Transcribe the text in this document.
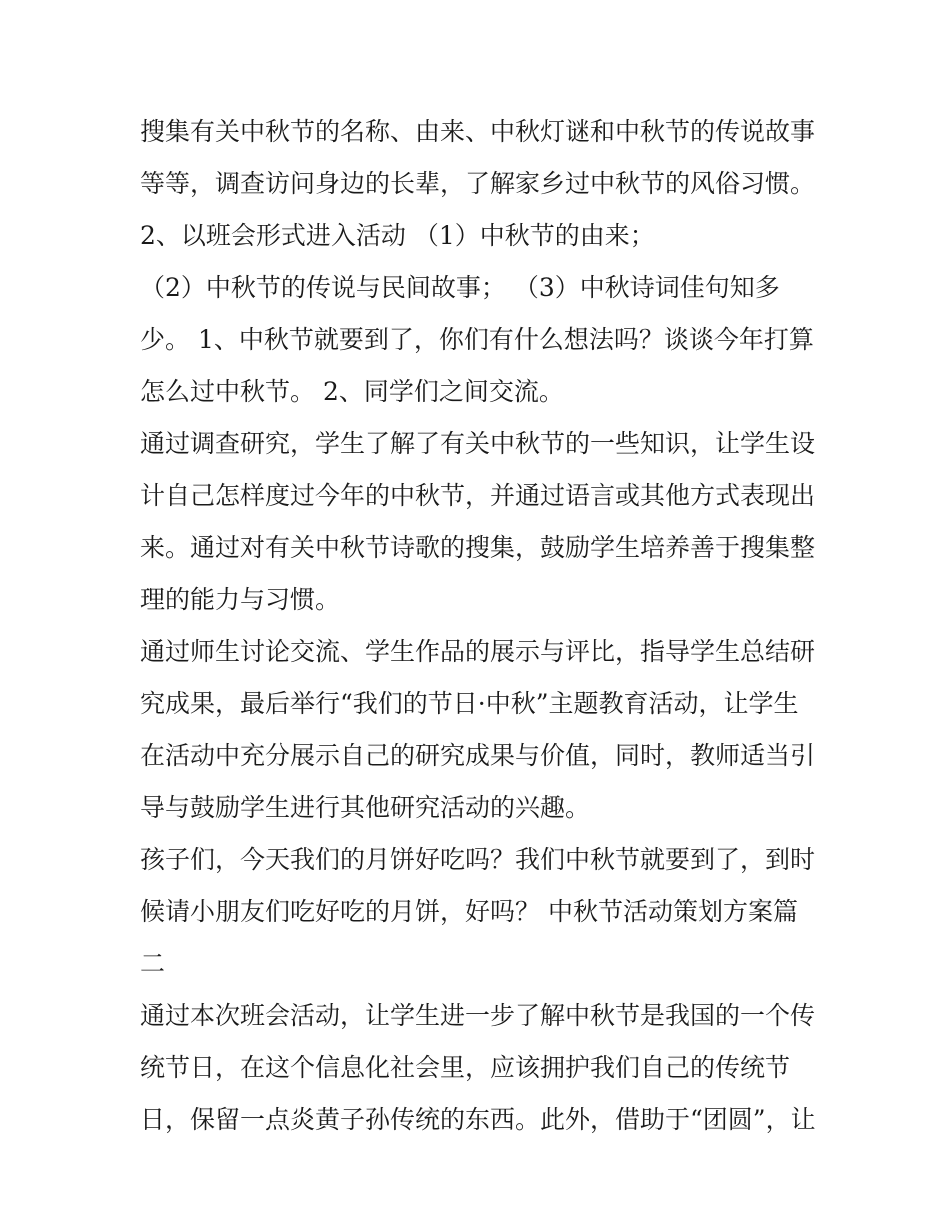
搜集有关中秋节的名称、由来、中秋灯谜和中秋节的传说故事
等等，调查访问身边的长辈，了解家乡过中秋节的风俗习惯。
2、以班会形式进入活动 （1）中秋节的由来；
（2）中秋节的传说与民间故事； （3）中秋诗词佳句知多
少。 1、中秋节就要到了，你们有什么想法吗？谈谈今年打算
怎么过中秋节。 2、同学们之间交流。
通过调查研究，学生了解了有关中秋节的一些知识，让学生设
计自己怎样度过今年的中秋节，并通过语言或其他方式表现出
来。通过对有关中秋节诗歌的搜集，鼓励学生培养善于搜集整
理的能力与习惯。
通过师生讨论交流、学生作品的展示与评比，指导学生总结研
究成果，最后举行“我们的节日·中秋”主题教育活动，让学生
在活动中充分展示自己的研究成果与价值，同时，教师适当引
导与鼓励学生进行其他研究活动的兴趣。
孩子们，今天我们的月饼好吃吗？我们中秋节就要到了，到时
候请小朋友们吃好吃的月饼，好吗？ 中秋节活动策划方案篇
二
通过本次班会活动，让学生进一步了解中秋节是我国的一个传
统节日，在这个信息化社会里，应该拥护我们自己的传统节
日，保留一点炎黄子孙传统的东西。此外，借助于“团圆”，让
